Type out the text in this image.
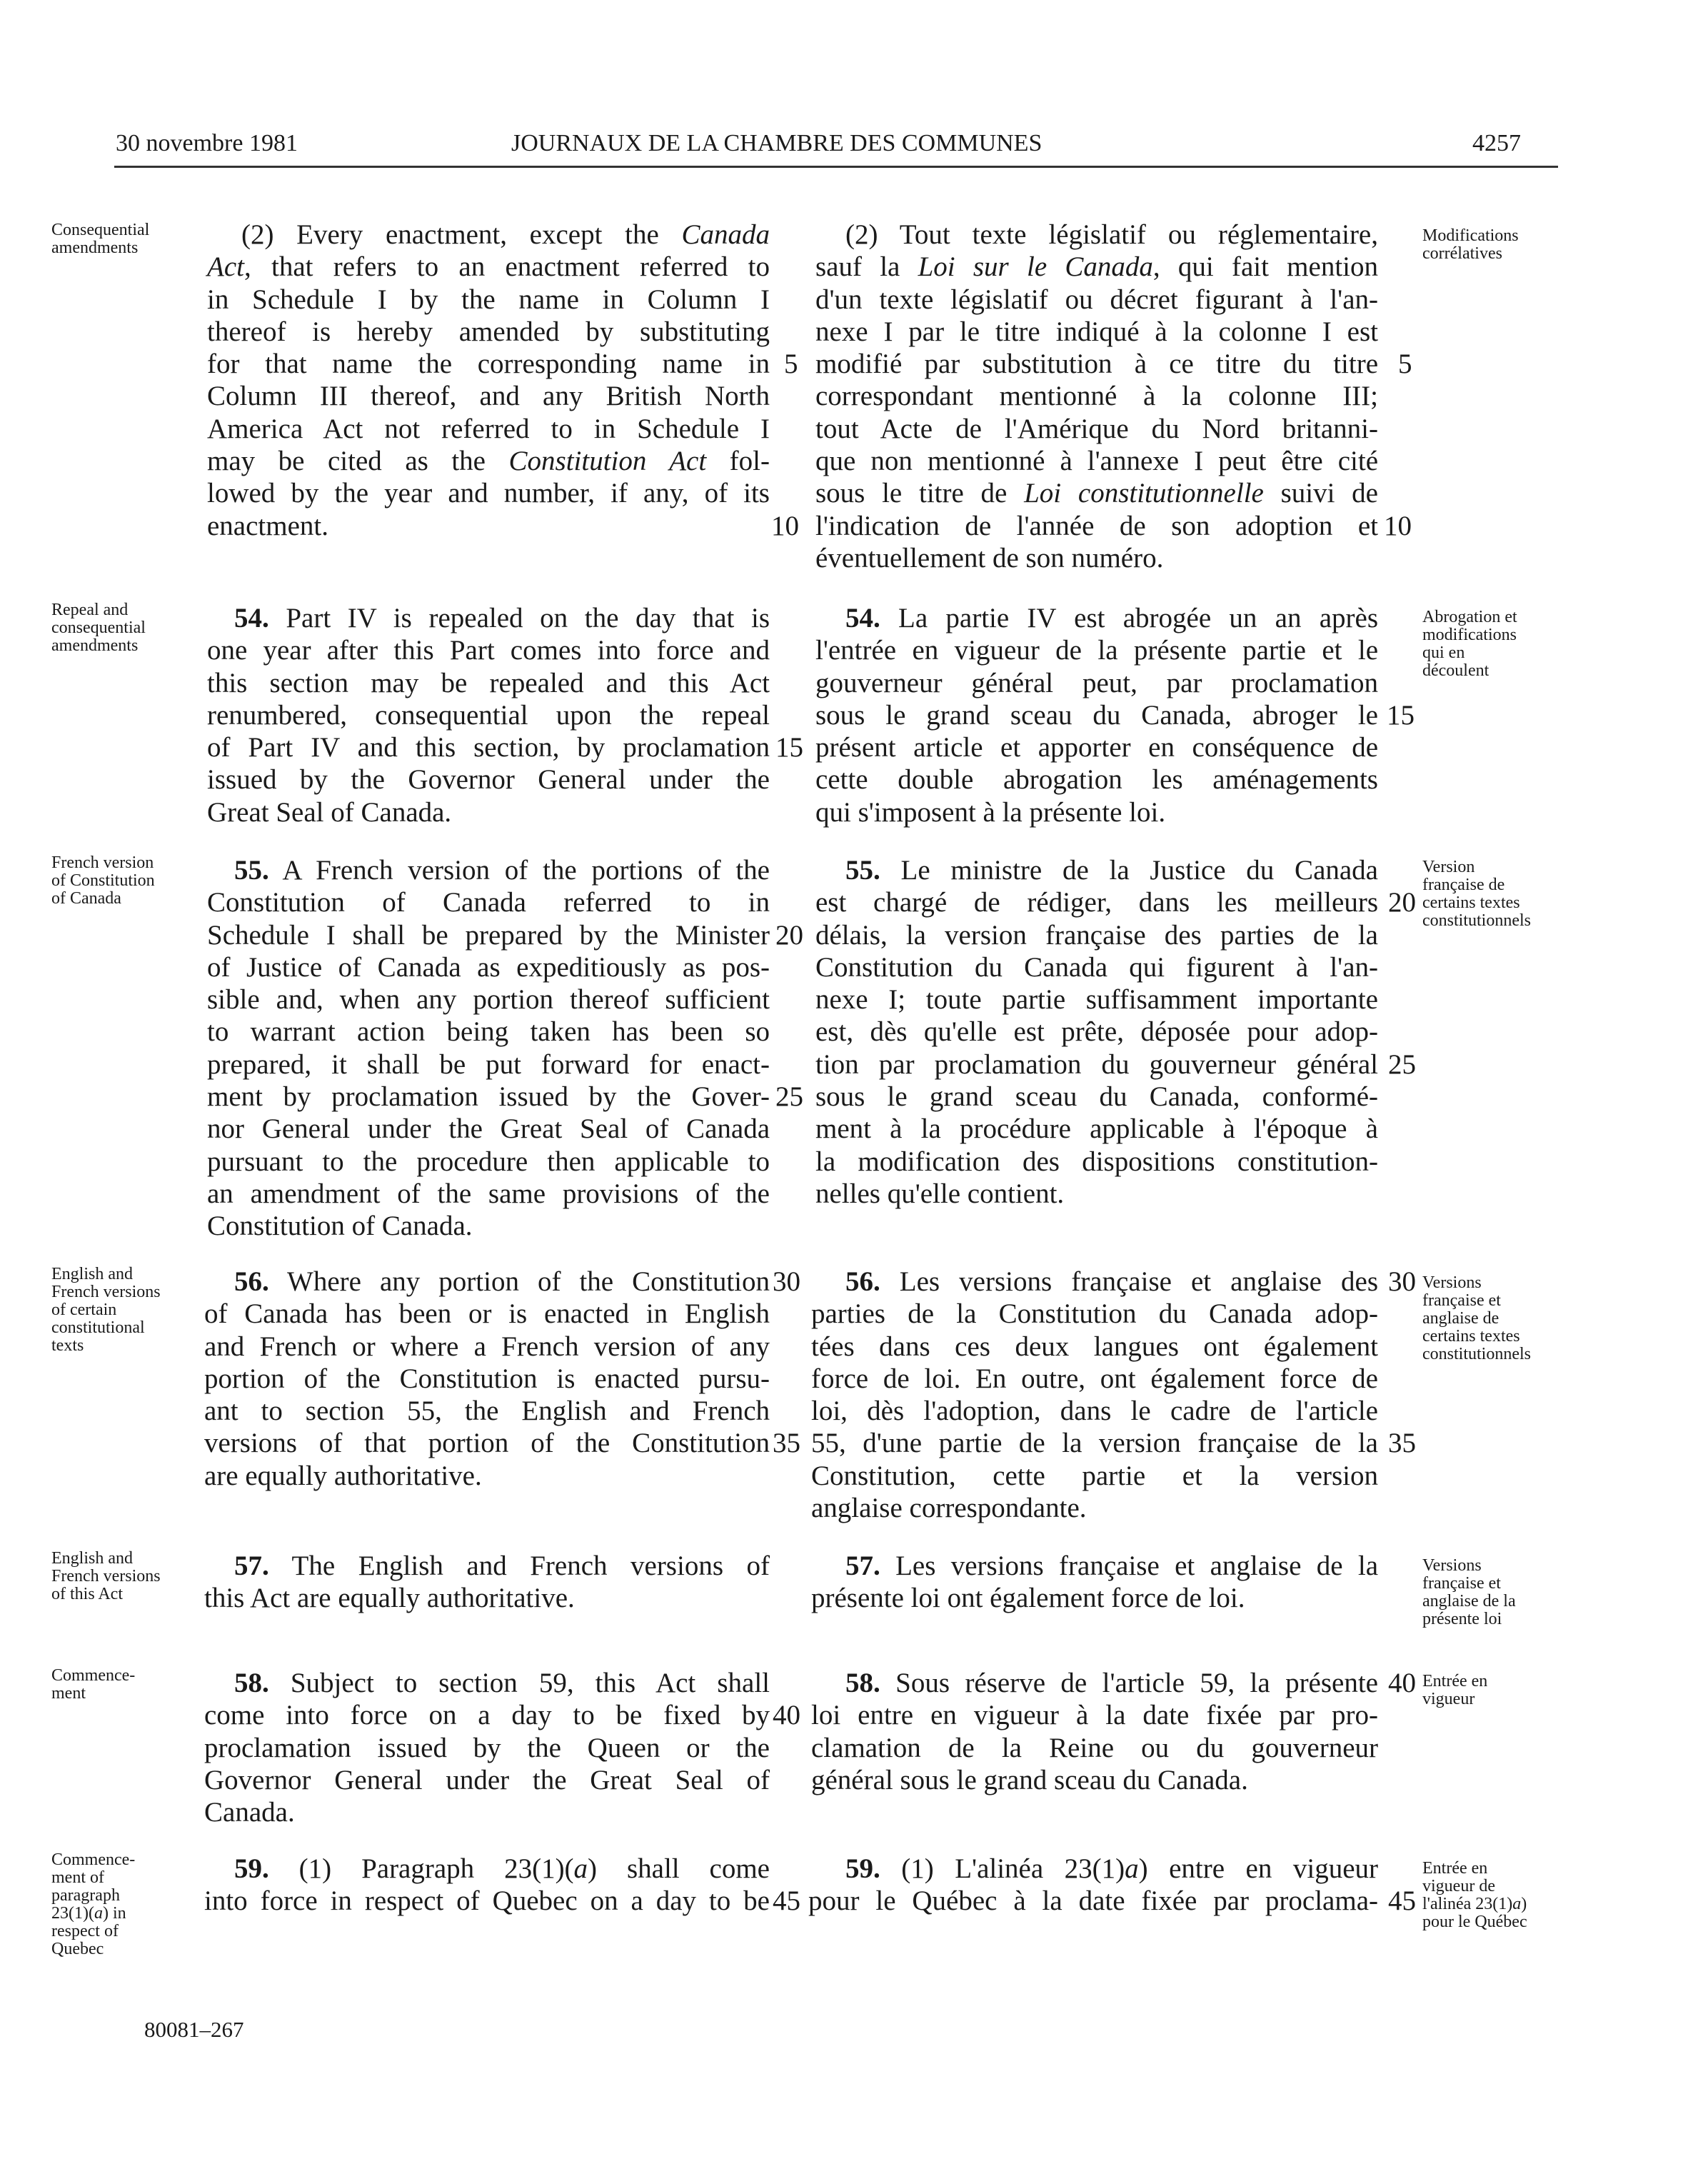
30 novembre 1981	JOURNAUX DE LA CHAMBRE DES COMMUNES	4257
Consequential
amendments
Repeal and
consequential
amendments
French version
of Constitution
of Canada
English and
French versions
of certain
constitutional
texts
English and
French versions
of this Act
Commence-
ment
Commence-
ment of
paragraph
23(1)(a) in
respect of
Quebec
Modifications
corrélatives
Abrogation et
modifications
qui en
découlent
Version
française de
certains textes
constitutionnels
Versions
française et
anglaise de
certains textes
constitutionnels
Versions
française et
anglaise de la
présente loi
Entrée en
vigueur
Entrée en
vigueur de
l'alinéa 23(1)a)
pour le Québec
(2) Every enactment, except the Canada
Act, that refers to an enactment referred to
in Schedule I by the name in Column I
thereof is hereby amended by substituting
for that name the corresponding name in
Column III thereof, and any British North
America Act not referred to in Schedule I
may be cited as the Constitution Act fol-
lowed by the year and number, if any, of its
enactment.
54. Part IV is repealed on the day that is
one year after this Part comes into force and
this section may be repealed and this Act
renumbered, consequential upon the repeal
of Part IV and this section, by proclamation
issued by the Governor General under the
Great Seal of Canada.
55. A French version of the portions of the
Constitution of Canada referred to in
Schedule I shall be prepared by the Minister
of Justice of Canada as expeditiously as pos-
sible and, when any portion thereof sufficient
to warrant action being taken has been so
prepared, it shall be put forward for enact-
ment by proclamation issued by the Gover-
nor General under the Great Seal of Canada
pursuant to the procedure then applicable to
an amendment of the same provisions of the
Constitution of Canada.
56. Where any portion of the Constitution
of Canada has been or is enacted in English
and French or where a French version of any
portion of the Constitution is enacted pursu-
ant to section 55, the English and French
versions of that portion of the Constitution
are equally authoritative.
57. The English and French versions of
this Act are equally authoritative.
58. Subject to section 59, this Act shall
come into force on a day to be fixed by
proclamation issued by the Queen or the
Governor General under the Great Seal of
Canada.
59. (1) Paragraph 23(1)(a) shall come
into force in respect of Quebec on a day to be
5
10
15
20
25
30
35
40
45
(2) Tout texte législatif ou réglementaire,
sauf la Loi sur le Canada, qui fait mention
d'un texte législatif ou décret figurant à l'an-
nexe I par le titre indiqué à la colonne I est
modifié par substitution à ce titre du titre
correspondant mentionné à la colonne III;
tout Acte de l'Amérique du Nord britanni-
que non mentionné à l'annexe I peut être cité
sous le titre de Loi constitutionnelle suivi de
l'indication de l'année de son adoption et
éventuellement de son numéro.
54. La partie IV est abrogée un an après
l'entrée en vigueur de la présente partie et le
gouverneur général peut, par proclamation
sous le grand sceau du Canada, abroger le
présent article et apporter en conséquence de
cette double abrogation les aménagements
qui s'imposent à la présente loi.
55. Le ministre de la Justice du Canada
est chargé de rédiger, dans les meilleurs
délais, la version française des parties de la
Constitution du Canada qui figurent à l'an-
nexe I; toute partie suffisamment importante
est, dès qu'elle est prête, déposée pour adop-
tion par proclamation du gouverneur général
sous le grand sceau du Canada, conformé-
ment à la procédure applicable à l'époque à
la modification des dispositions constitution-
nelles qu'elle contient.
56. Les versions française et anglaise des
parties de la Constitution du Canada adop-
tées dans ces deux langues ont également
force de loi. En outre, ont également force de
loi, dès l'adoption, dans le cadre de l'article
55, d'une partie de la version française de la
Constitution, cette partie et la version
anglaise correspondante.
57. Les versions française et anglaise de la
présente loi ont également force de loi.
58. Sous réserve de l'article 59, la présente
loi entre en vigueur à la date fixée par pro-
clamation de la Reine ou du gouverneur
général sous le grand sceau du Canada.
59. (1) L'alinéa 23(1)a) entre en vigueur
pour le Québec à la date fixée par proclama-
5
10
15
20
25
30
35
40
45
80081–267
